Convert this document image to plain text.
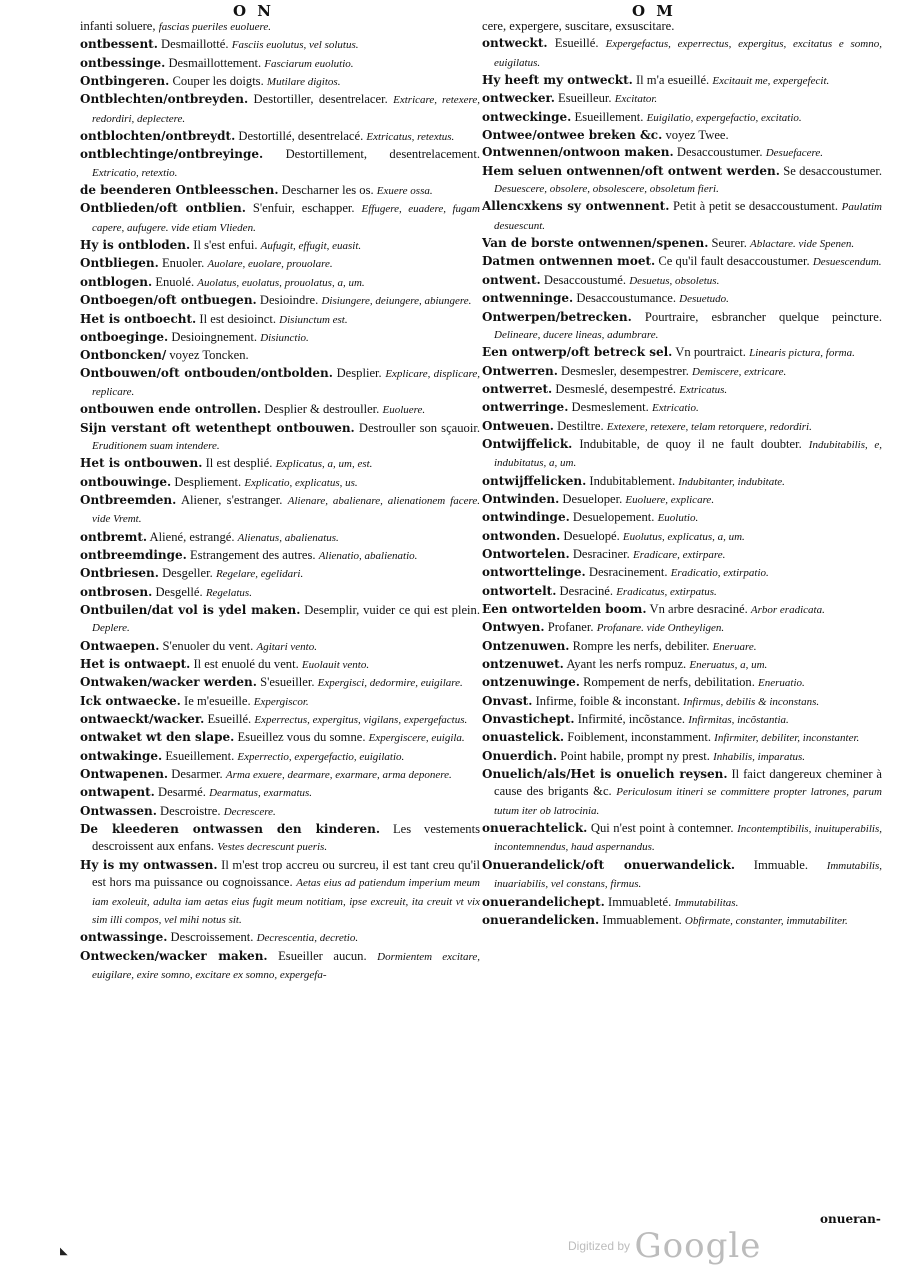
O N	O M

infanti soluere, fascias pueriles euoluere.

ontbessent. Desmaillotté. Fasciis euolutus, vel solutus.

ontbessinge. Desmaillottement. Fasciarum euolutio.

Ontbingeren. Couper les doigts. Mutilare digitos.

Ontblechten/ontbreyden. Destortiller, desentrelacer. Extricare, retexere, redordiri, deplectere.

ontblochten/ontbreydt. Destortillé, desentrelacé. Extricatus, retextus.

ontblechtinge/ontbreyinge. Destortillement, desentrelacement. Extricatio, retextio.

de beenderen Ontbleesschen. Descharner les os. Exuere ossa.

Ontblieden/oft ontblien. S'enfuir, eschapper. Effugere, euadere, fugam capere, aufugere. vide etiam Vlieden.

Hy is ontbloden. Il s'est enfui. Aufugit, effugit, euasit.

Ontbliegen. Enuoler. Auolare, euolare, prouolare.

ontblogen. Enuolé. Auolatus, euolatus, prouolatus, a, um.

Ontboegen/oft ontbuegen. Desioindre. Disiungere, deiungere, abiungere.

Het is ontboecht. Il est desioinct. Disiunctum est.

ontboeginge. Desioingnement. Disiunctio.

Ontboncken/ voyez Toncken.

Ontbouwen/oft ontbouden/ontbolden. Desplier. Explicare, displicare, replicare.

ontbouwen ende ontrollen. Desplier & destrouller. Euoluere.

Sijn verstant oft wetenthept ontbouwen. Destrouller son sçauoir. Eruditionem suam intendere.

Het is ontbouwen. Il est desplié. Explicatus, a, um, est.

ontbouwinge. Despliement. Explicatio, explicatus, us.

Ontbreemden. Aliener, s'estranger. Alienare, abalienare, alienationem facere. vide Vremt.

ontbremt. Aliené, estrangé. Alienatus, abalienatus.

ontbreemdinge. Estrangement des autres. Alienatio, abalienatio.

Ontbriesen. Desgeller. Regelare, egelidari.

ontbrosen. Desgellé. Regelatus.

Ontbuilen/dat vol is ydel maken. Desemplir, vuider ce qui est plein. Deplere.

Ontwaepen. S'enuoler du vent. Agitari vento.

Het is ontwaept. Il est enuolé du vent. Euolauit vento.

Ontwaken/wacker werden. S'esueiller. Expergisci, dedormire, euigilare.

Ick ontwaecke. Ie m'esueille. Expergiscor.

ontwaeckt/wacker. Esueillé. Experrectus, expergitus, vigilans, expergefactus.

ontwaket wt den slape. Esueillez vous du somne. Expergiscere, euigila.

ontwakinge. Esueillement. Experrectio, expergefactio, euigilatio.

Ontwapenen. Desarmer. Arma exuere, dearmare, exarmare, arma deponere.

ontwapent. Desarmé. Dearmatus, exarmatus.

Ontwassen. Descroistre. Decrescere.

De kleederen ontwassen den kinderen. Les vestements descroissent aux enfans. Vestes decrescunt pueris.

Hy is my ontwassen. Il m'est trop accreu ou surcreu, il est tant creu qu'il est hors ma puissance ou cognoissance. Aetas eius ad patiendum imperium meum iam exoleuit, adulta iam aetas eius fugit meum notitiam, ipse excreuit, ita creuit vt vix sim illi compos, vel mihi notus sit.

ontwassinge. Descroissement. Decrescentia, decretio.

Ontwecken/wacker maken. Esueiller aucun. Dormientem excitare, euigilare, exire somno, excitare ex somno, expergefa-

cere, expergere, suscitare, exsuscitare.

ontweckt. Esueillé. Expergefactus, experrectus, expergitus, excitatus e somno, euigilatus.

Hy heeft my ontweckt. Il m'a esueillé. Excitauit me, expergefecit.

ontwecker. Esueilleur. Excitator.

ontweckinge. Esueillement. Euigilatio, expergefactio, excitatio.

Ontwee/ontwee breken &c. voyez Twee.

Ontwennen/ontwoon maken. Desaccoustumer. Desuefacere.

Hem seluen ontwennen/oft ontwent werden. Se desaccoustumer. Desuescere, obsolere, obsolescere, obsoletum fieri.

Allencxkens sy ontwennent. Petit à petit se desaccoustument. Paulatim desuescunt.

Van de borste ontwennen/spenen. Seurer. Ablactare. vide Spenen.

Datmen ontwennen moet. Ce qu'il fault desaccoustumer. Desuescendum.

ontwent. Desaccoustumé. Desuetus, obsoletus.

ontwenninge. Desaccoustumance. Desuetudo.

Ontwerpen/betrecken. Pourtraire, esbrancher quelque peincture. Delineare, ducere lineas, adumbrare.

Een ontwerp/oft betreck sel. Vn pourtraict. Linearis pictura, forma.

Ontwerren. Desmesler, desempestrer. Demiscere, extricare.

ontwerret. Desmeslé, desempestré. Extricatus.

ontwerringe. Desmeslement. Extricatio.

Ontweuen. Destiltre. Extexere, retexere, telam retorquere, redordiri.

Ontwijffelick. Indubitable, de quoy il ne fault doubter. Indubitabilis, e, indubitatus, a, um.

ontwijffelicken. Indubitablement. Indubitanter, indubitate.

Ontwinden. Desueloper. Euoluere, explicare.

ontwindinge. Desuelopement. Euolutio.

ontwonden. Desuelopé. Euolutus, explicatus, a, um.

Ontwortelen. Desraciner. Eradicare, extirpare.

ontworttelinge. Desracinement. Eradicatio, extirpatio.

ontwortelt. Desraciné. Eradicatus, extirpatus.

Een ontwortelden boom. Vn arbre desraciné. Arbor eradicata.

Ontwyen. Profaner. Profanare. vide Ontheyligen.

Ontzenuwen. Rompre les nerfs, debiliter. Eneruare.

ontzenuwet. Ayant les nerfs rompuz. Eneruatus, a, um.

ontzenuwinge. Rompement de nerfs, debilitation. Eneruatio.

Onvast. Infirme, foible & inconstant. Infirmus, debilis & inconstans.

Onvastichept. Infirmité, incõstance. Infirmitas, incõstantia.

onuastelick. Foiblement, inconstamment. Infirmiter, debiliter, inconstanter.

Onuerdich. Point habile, prompt ny prest. Inhabilis, imparatus.

Onuelich/als/Het is onuelich reysen. Il faict dangereux cheminer à cause des brigants &c. Periculosum itineri se committere propter latrones, parum tutum iter ob latrocinia.

onuerachtelick. Qui n'est point à contemner. Incontemptibilis, inuituperabilis, incontemnendus, haud aspernandus.

Onuerandelick/oft onuerwandelick. Immuable. Immutabilis, inuariabilis, vel constans, firmus.

onuerandelichept. Immuableté. Immutabilitas.

onuerandelicken. Immuablement. Obfirmate, constanter, immutabiliter.

onueran-
◣	Digitized by Google
